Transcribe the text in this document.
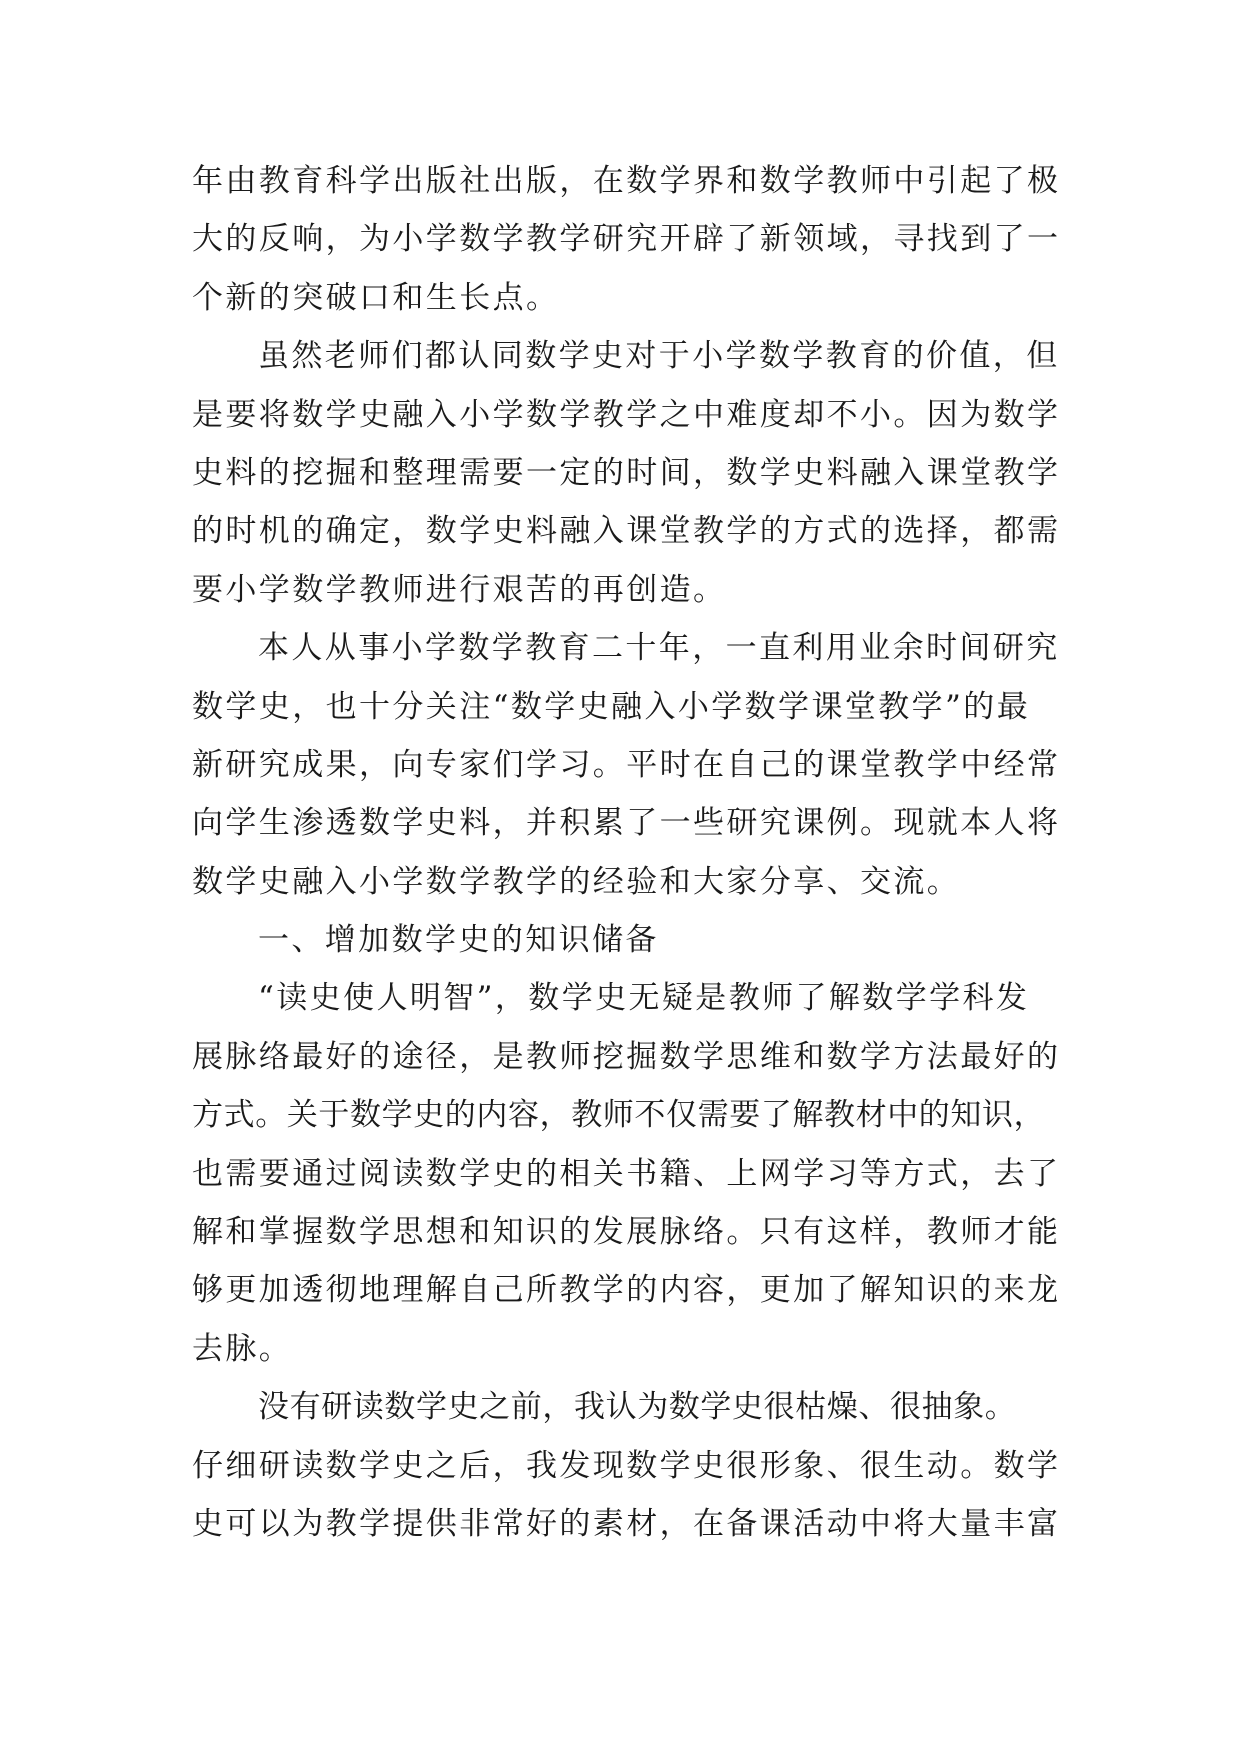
年由教育科学出版社出版，在数学界和数学教师中引起了极
大的反响，为小学数学教学研究开辟了新领域，寻找到了一
个新的突破口和生长点。
虽然老师们都认同数学史对于小学数学教育的价值，但
是要将数学史融入小学数学教学之中难度却不小。因为数学
史料的挖掘和整理需要一定的时间，数学史料融入课堂教学
的时机的确定，数学史料融入课堂教学的方式的选择，都需
要小学数学教师进行艰苦的再创造。
本人从事小学数学教育二十年，一直利用业余时间研究
数学史，也十分关注“数学史融入小学数学课堂教学”的最
新研究成果，向专家们学习。平时在自己的课堂教学中经常
向学生渗透数学史料，并积累了一些研究课例。现就本人将
数学史融入小学数学教学的经验和大家分享、交流。
一、增加数学史的知识储备
“读史使人明智”，数学史无疑是教师了解数学学科发
展脉络最好的途径，是教师挖掘数学思维和数学方法最好的
方式。关于数学史的内容，教师不仅需要了解教材中的知识，
也需要通过阅读数学史的相关书籍、上网学习等方式，去了
解和掌握数学思想和知识的发展脉络。只有这样，教师才能
够更加透彻地理解自己所教学的内容，更加了解知识的来龙
去脉。
没有研读数学史之前，我认为数学史很枯燥、很抽象。
仔细研读数学史之后，我发现数学史很形象、很生动。数学
史可以为教学提供非常好的素材，在备课活动中将大量丰富
